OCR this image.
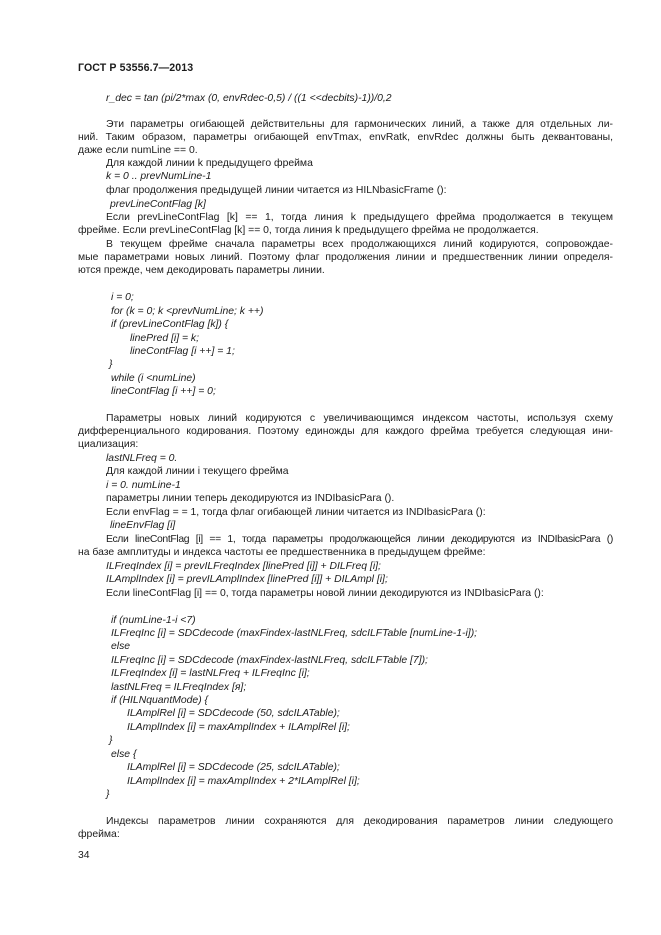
ГОСТ Р 53556.7—2013
r_dec = tan (pi/2*max (0, envRdec-0,5) / ((1 <<decbits)-1))/0,2
Эти параметры огибающей действительны для гармонических линий, а также для отдельных ли-
ний. Таким образом, параметры огибающей envTmax, envRatk, envRdec должны быть деквантованы,
даже если numLine == 0.
Для каждой линии k предыдущего фрейма
k = 0 .. prevNumLine-1
флаг продолжения предыдущей линии читается из HILNbasicFrame ():
prevLineContFlag [k]
Если prevLineContFlag [k] == 1, тогда линия k предыдущего фрейма продолжается в текущем
фрейме. Если prevLineContFlag [k] == 0, тогда линия k предыдущего фрейма не продолжается.
В текущем фрейме сначала параметры всех продолжающихся линий кодируются, сопровождае-
мые параметрами новых линий. Поэтому флаг продолжения линии и предшественник линии определя-
ются прежде, чем декодировать параметры линии.
i = 0;
for (k = 0; k <prevNumLine; k ++)
if (prevLineContFlag [k]) {
linePred [i] = k;
lineContFlag [i ++] = 1;
}
while (i <numLine)
lineContFlag [i ++] = 0;
Параметры новых линий кодируются с увеличивающимся индексом частоты, используя схему
дифференциального кодирования. Поэтому единожды для каждого фрейма требуется следующая ини-
циализация:
lastNLFreq = 0.
Для каждой линии i текущего фрейма
i = 0. numLine-1
параметры линии теперь декодируются из INDIbasicPara ().
Если envFlag = = 1, тогда флаг огибающей линии читается из INDIbasicPara ():
lineEnvFlag [i]
Если lineContFlag [i] == 1, тогда параметры продолжающейся линии декодируются из INDIbasicPara ()
на базе амплитуды и индекса частоты ее предшественника в предыдущем фрейме:
ILFreqIndex [i] = prevILFreqIndex [linePred [i]] + DILFreq [i];
ILAmplIndex [i] = prevILAmplIndex [linePred [i]] + DILAmpl [i];
Если lineContFlag [i] == 0, тогда параметры новой линии декодируются из INDIbasicPara ():
if (numLine-1-i <7)
ILFreqInc [i] = SDCdecode (maxFindex-lastNLFreq, sdcILFTable [numLine-1-i]);
else
ILFreqInc [i] = SDCdecode (maxFindex-lastNLFreq, sdcILFTable [7]);
ILFreqIndex [i] = lastNLFreq + ILFreqInc [i];
lastNLFreq = ILFreqIndex [я];
if (HILNquantMode) {
ILAmplRel [i] = SDCdecode (50, sdcILATable);
ILAmplIndex [i] = maxAmplIndex + ILAmplRel [i];
}
else {
ILAmplRel [i] = SDCdecode (25, sdcILATable);
ILAmplIndex [i] = maxAmplIndex + 2*ILAmplRel [i];
}
Индексы параметров линии сохраняются для декодирования параметров линии следующего
фрейма:
34
